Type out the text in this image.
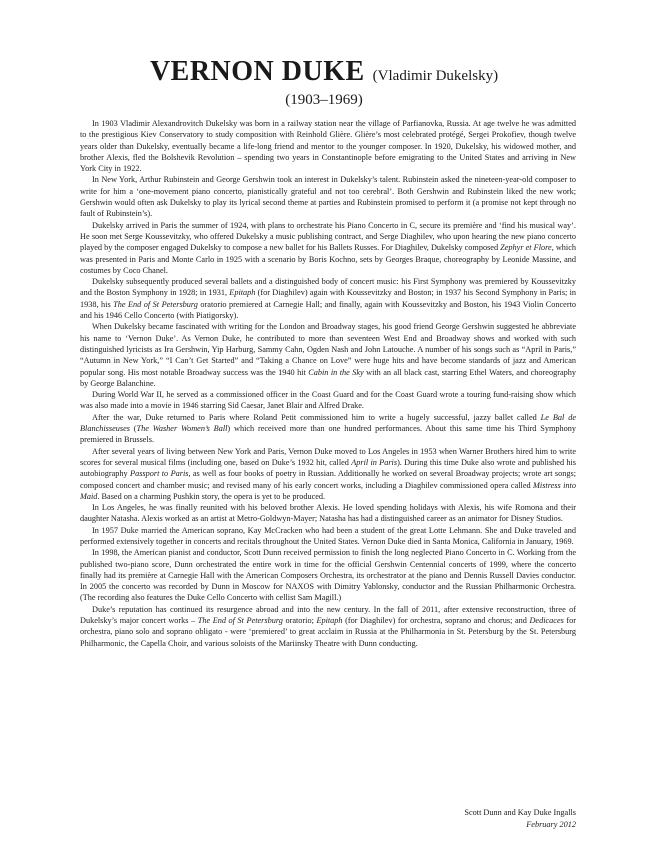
VERNON DUKE (Vladimir Dukelsky)
(1903–1969)

In 1903 Vladimir Alexandrovitch Dukelsky was born in a railway station near the village of Parfianovka, Russia. At age twelve he was admitted to the prestigious Kiev Conservatory to study composition with Reinhold Glière. Glière’s most celebrated protégé, Sergei Prokofiev, though twelve years older than Dukelsky, eventually became a life-long friend and mentor to the younger composer. In 1920, Dukelsky, his widowed mother, and brother Alexis, fled the Bolshevik Revolution – spending two years in Constantinople before emigrating to the United States and arriving in New York City in 1922.

In New York, Arthur Rubinstein and George Gershwin took an interest in Dukelsky’s talent. Rubinstein asked the nineteen-year-old composer to write for him a ‘one-movement piano concerto, pianistically grateful and not too cerebral’. Both Gershwin and Rubinstein liked the new work; Gershwin would often ask Dukelsky to play its lyrical second theme at parties and Rubinstein promised to perform it (a promise not kept through no fault of Rubinstein’s).

Dukelsky arrived in Paris the summer of 1924, with plans to orchestrate his Piano Concerto in C, secure its première and ‘find his musical way’. He soon met Serge Koussevitzky, who offered Dukelsky a music publishing contract, and Serge Diaghilev, who upon hearing the new piano concerto played by the composer engaged Dukelsky to compose a new ballet for his Ballets Russes. For Diaghilev, Dukelsky composed Zephyr et Flore, which was presented in Paris and Monte Carlo in 1925 with a scenario by Boris Kochno, sets by Georges Braque, choreography by Leonide Massine, and costumes by Coco Chanel.

Dukelsky subsequently produced several ballets and a distinguished body of concert music: his First Symphony was premiered by Koussevitzky and the Boston Symphony in 1928; in 1931, Epitaph (for Diaghilev) again with Koussevitzky and Boston; in 1937 his Second Symphony in Paris; in 1938, his The End of St Petersburg oratorio premiered at Carnegie Hall; and finally, again with Koussevitzky and Boston, his 1943 Violin Concerto and his 1946 Cello Concerto (with Piatigorsky).

When Dukelsky became fascinated with writing for the London and Broadway stages, his good friend George Gershwin suggested he abbreviate his name to ‘Vernon Duke’. As Vernon Duke, he contributed to more than seventeen West End and Broadway shows and worked with such distinguished lyricists as Ira Gershwin, Yip Harburg, Sammy Cahn, Ogden Nash and John Latouche. A number of his songs such as “April in Paris,” “Autumn in New York,” “I Can’t Get Started” and “Taking a Chance on Love” were huge hits and have become standards of jazz and American popular song. His most notable Broadway success was the 1940 hit Cabin in the Sky with an all black cast, starring Ethel Waters, and choreography by George Balanchine.

During World War II, he served as a commissioned officer in the Coast Guard and for the Coast Guard wrote a touring fund-raising show which was also made into a movie in 1946 starring Sid Caesar, Janet Blair and Alfred Drake.

After the war, Duke returned to Paris where Roland Petit commissioned him to write a hugely successful, jazzy ballet called Le Bal de Blanchisseuses (The Washer Women’s Ball) which received more than one hundred performances. About this same time his Third Symphony premiered in Brussels.

After several years of living between New York and Paris, Vernon Duke moved to Los Angeles in 1953 when Warner Brothers hired him to write scores for several musical films (including one, based on Duke’s 1932 hit, called April in Paris). During this time Duke also wrote and published his autobiography Passport to Paris, as well as four books of poetry in Russian. Additionally he worked on several Broadway projects; wrote art songs; composed concert and chamber music; and revised many of his early concert works, including a Diaghilev commissioned opera called Mistress into Maid. Based on a charming Pushkin story, the opera is yet to be produced.

In Los Angeles, he was finally reunited with his beloved brother Alexis. He loved spending holidays with Alexis, his wife Romona and their daughter Natasha. Alexis worked as an artist at Metro-Goldwyn-Mayer; Natasha has had a distinguished career as an animator for Disney Studios.

In 1957 Duke married the American soprano, Kay McCracken who had been a student of the great Lotte Lehmann. She and Duke traveled and performed extensively together in concerts and recitals throughout the United States. Vernon Duke died in Santa Monica, California in January, 1969.

In 1998, the American pianist and conductor, Scott Dunn received permission to finish the long neglected Piano Concerto in C. Working from the published two-piano score, Dunn orchestrated the entire work in time for the official Gershwin Centennial concerts of 1999, where the concerto finally had its première at Carnegie Hall with the American Composers Orchestra, its orchestrator at the piano and Dennis Russell Davies conductor. In 2005 the concerto was recorded by Dunn in Moscow for NAXOS with Dimitry Yablonsky, conductor and the Russian Philharmonic Orchestra. (The recording also features the Duke Cello Concerto with cellist Sam Magill.)

Duke’s reputation has continued its resurgence abroad and into the new century. In the fall of 2011, after extensive reconstruction, three of Dukelsky’s major concert works – The End of St Petersburg oratorio; Epitaph (for Diaghilev) for orchestra, soprano and chorus; and Dedicaces for orchestra, piano solo and soprano obligato - were ‘premiered’ to great acclaim in Russia at the Philharmonia in St. Petersburg by the St. Petersburg Philharmonic, the Capella Choir, and various soloists of the Mariinsky Theatre with Dunn conducting.

Scott Dunn and Kay Duke Ingalls
February 2012
